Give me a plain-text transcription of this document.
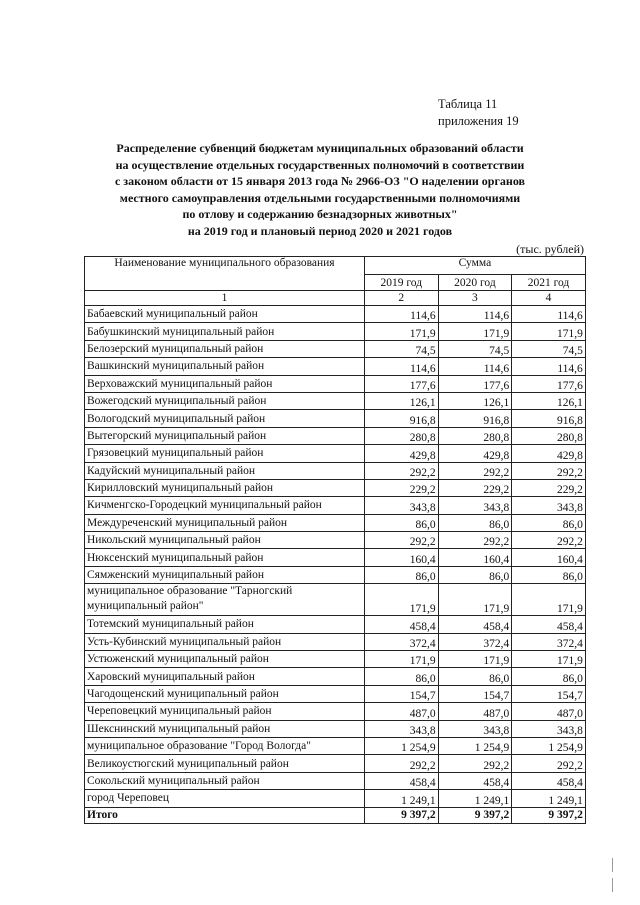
Таблица 11
приложения 19
Распределение субвенций бюджетам муниципальных образований области
на осуществление отдельных государственных полномочий в соответствии
с законом области от 15 января 2013 года № 2966-ОЗ "О наделении органов
местного самоуправления отдельными государственными полномочиями
по отлову и содержанию безнадзорных животных"
на 2019 год и плановый период 2020 и 2021 годов
(тыс. рублей)
Наименование муниципального образования	Сумма		
	2019 год	2020 год	2021 год
1	2	3	4
Бабаевский муниципальный район	114,6	114,6	114,6
Бабушкинский муниципальный район	171,9	171,9	171,9
Белозерский муниципальный район	74,5	74,5	74,5
Вашкинский муниципальный район	114,6	114,6	114,6
Верховажский муниципальный район	177,6	177,6	177,6
Вожегодский муниципальный район	126,1	126,1	126,1
Вологодский муниципальный район	916,8	916,8	916,8
Вытегорский муниципальный район	280,8	280,8	280,8
Грязовецкий муниципальный район	429,8	429,8	429,8
Кадуйский муниципальный район	292,2	292,2	292,2
Кирилловский муниципальный район	229,2	229,2	229,2
Кичменгско-Городецкий муниципальный район	343,8	343,8	343,8
Междуреченский муниципальный район	86,0	86,0	86,0
Никольский муниципальный район	292,2	292,2	292,2
Нюксенский муниципальный район	160,4	160,4	160,4
Сямженский муниципальный район	86,0	86,0	86,0
муниципальное образование "Тарногский муниципальный район"	171,9	171,9	171,9
Тотемский муниципальный район	458,4	458,4	458,4
Усть-Кубинский муниципальный район	372,4	372,4	372,4
Устюженский муниципальный район	171,9	171,9	171,9
Харовский муниципальный район	86,0	86,0	86,0
Чагодощенский муниципальный район	154,7	154,7	154,7
Череповецкий муниципальный район	487,0	487,0	487,0
Шекснинский муниципальный район	343,8	343,8	343,8
муниципальное образование "Город Вологда"	1 254,9	1 254,9	1 254,9
Великоустюгский муниципальный район	292,2	292,2	292,2
Сокольский муниципальный район	458,4	458,4	458,4
город Череповец	1 249,1	1 249,1	1 249,1
Итого	9 397,2	9 397,2	9 397,2
